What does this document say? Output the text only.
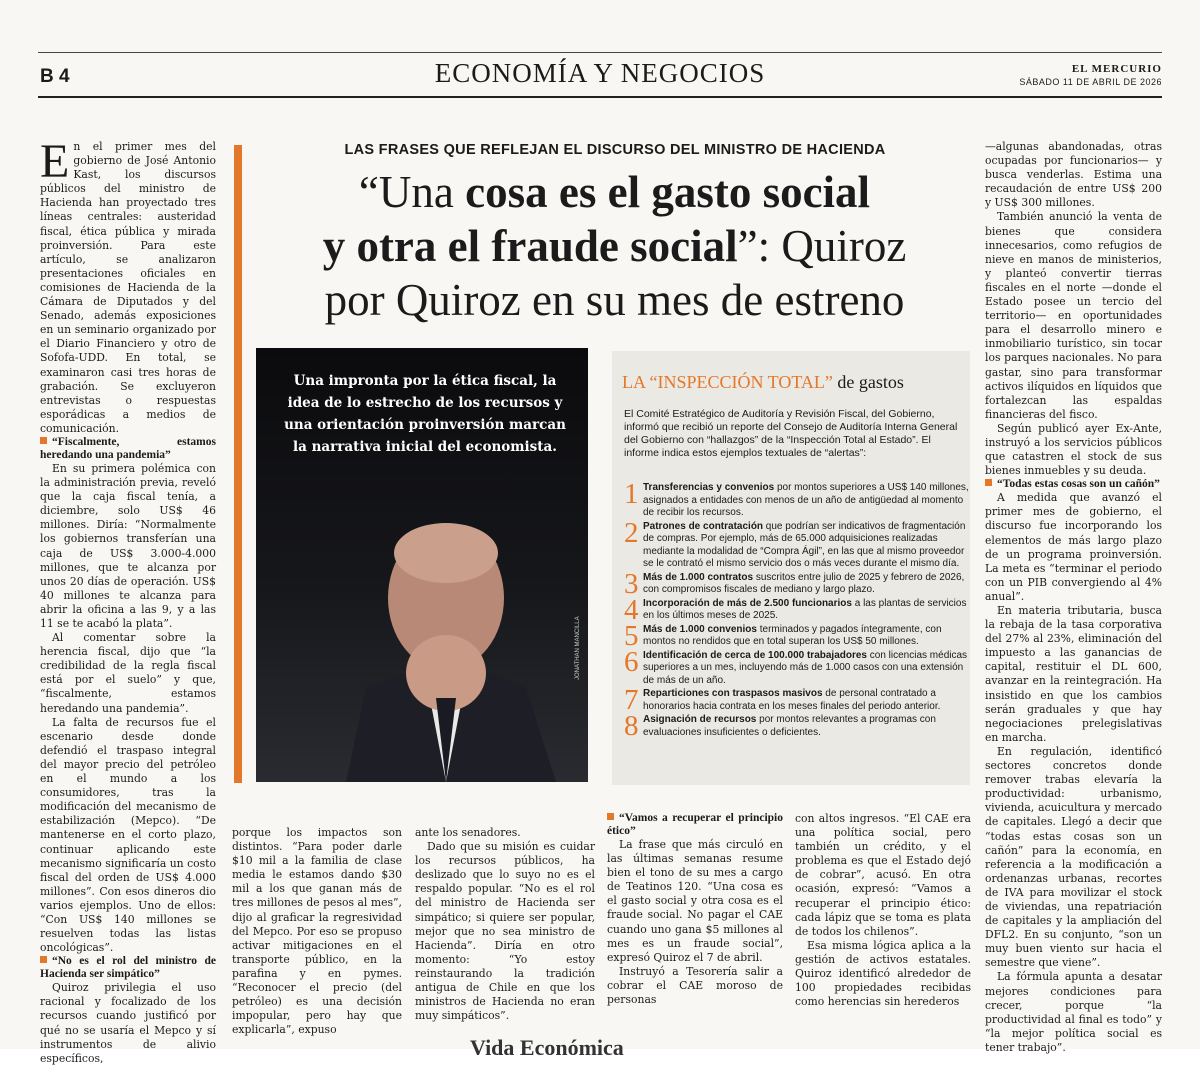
B 4	ECONOMÍA Y NEGOCIOS	EL MERCURIO
SÁBADO 11 DE ABRIL DE 2026

En el primer mes del gobierno de José Antonio Kast, los discursos públicos del ministro de Hacienda han proyectado tres líneas centrales: austeridad fiscal, ética pública y mirada proinversión. Para este artículo, se analizaron presentaciones oficiales en comisiones de Hacienda de la Cámara de Diputados y del Senado, además exposiciones en un seminario organizado por el Diario Financiero y otro de Sofofa-UDD. En total, se examinaron casi tres horas de grabación. Se excluyeron entrevistas o respuestas esporádicas a medios de comunicación.

“Fiscalmente, estamos heredando una pandemia”

En su primera polémica con la administración previa, reveló que la caja fiscal tenía, a diciembre, solo US$ 46 millones. Diría: “Normalmente los gobiernos transferían una caja de US$ 3.000-4.000 millones, que te alcanza por unos 20 días de operación. US$ 40 millones te alcanza para abrir la oficina a las 9, y a las 11 se te acabó la plata”.

Al comentar sobre la herencia fiscal, dijo que “la credibilidad de la regla fiscal está por el suelo” y que, “fiscalmente, estamos heredando una pandemia”.

La falta de recursos fue el escenario desde donde defendió el traspaso integral del mayor precio del petróleo en el mundo a los consumidores, tras la modificación del mecanismo de estabilización (Mepco). “De mantenerse en el corto plazo, continuar aplicando este mecanismo significaría un costo fiscal del orden de US$ 4.000 millones”. Con esos dineros dio varios ejemplos. Uno de ellos: “Con US$ 140 millones se resuelven todas las listas oncológicas”.

“No es el rol del ministro de Hacienda ser simpático”

Quiroz privilegia el uso racional y focalizado de los recursos cuando justificó por qué no se usaría el Mepco y sí instrumentos de alivio específicos,

LAS FRASES QUE REFLEJAN EL DISCURSO DEL MINISTRO DE HACIENDA
“Una cosa es el gasto social
y otra el fraude social”: Quiroz
por Quiroz en su mes de estreno
Una impronta por la ética fiscal, la idea de lo estrecho de los recursos y una orientación proinversión marcan la narrativa inicial del economista.
JONATHAN MANCILLA
LA “INSPECCIÓN TOTAL” de gastos
El Comité Estratégico de Auditoría y Revisión Fiscal, del Gobierno, informó que recibió un reporte del Consejo de Auditoría Interna General del Gobierno con “hallazgos” de la “Inspección Total al Estado”. El informe indica estos ejemplos textuales de “alertas”:
1 Transferencias y convenios por montos superiores a US$ 140 millones, asignados a entidades con menos de un año de antigüedad al momento de recibir los recursos.
2 Patrones de contratación que podrían ser indicativos de fragmentación de compras. Por ejemplo, más de 65.000 adquisiciones realizadas mediante la modalidad de “Compra Ágil”, en las que al mismo proveedor se le contrató el mismo servicio dos o más veces durante el mismo día.
3 Más de 1.000 contratos suscritos entre julio de 2025 y febrero de 2026, con compromisos fiscales de mediano y largo plazo.
4 Incorporación de más de 2.500 funcionarios a las plantas de servicios en los últimos meses de 2025.
5 Más de 1.000 convenios terminados y pagados íntegramente, con montos no rendidos que en total superan los US$ 50 millones.
6 Identificación de cerca de 100.000 trabajadores con licencias médicas superiores a un mes, incluyendo más de 1.000 casos con una extensión de más de un año.
7 Reparticiones con traspasos masivos de personal contratado a honorarios hacia contrata en los meses finales del periodo anterior.
8 Asignación de recursos por montos relevantes a programas con evaluaciones insuficientes o deficientes.

porque los impactos son distintos. “Para poder darle $10 mil a la familia de clase media le estamos dando $30 mil a los que ganan más de tres millones de pesos al mes”, dijo al graficar la regresividad del Mepco. Por eso se propuso activar mitigaciones en el transporte público, en la parafina y en pymes. “Reconocer el precio (del petróleo) es una decisión impopular, pero hay que explicarla”, expuso

ante los senadores.

Dado que su misión es cuidar los recursos públicos, ha deslizado que lo suyo no es el respaldo popular. “No es el rol del ministro de Hacienda ser simpático; si quiere ser popular, mejor que no sea ministro de Hacienda”. Diría en otro momento: “Yo estoy reinstaurando la tradición antigua de Chile en que los ministros de Hacienda no eran muy simpáticos”.

“Vamos a recuperar el principio ético”

La frase que más circuló en las últimas semanas resume bien el tono de su mes a cargo de Teatinos 120. “Una cosa es el gasto social y otra cosa es el fraude social. No pagar el CAE cuando uno gana $5 millones al mes es un fraude social”, expresó Quiroz el 7 de abril.

Instruyó a Tesorería salir a cobrar el CAE moroso de personas

con altos ingresos. “El CAE era una política social, pero también un crédito, y el problema es que el Estado dejó de cobrar”, acusó. En otra ocasión, expresó: “Vamos a recuperar el principio ético: cada lápiz que se toma es plata de todos los chilenos”.

Esa misma lógica aplica a la gestión de activos estatales. Quiroz identificó alrededor de 100 propiedades recibidas como herencias sin herederos

—algunas abandonadas, otras ocupadas por funcionarios— y busca venderlas. Estima una recaudación de entre US$ 200 y US$ 300 millones.

También anunció la venta de bienes que considera innecesarios, como refugios de nieve en manos de ministerios, y planteó convertir tierras fiscales en el norte —donde el Estado posee un tercio del territorio— en oportunidades para el desarrollo minero e inmobiliario turístico, sin tocar los parques nacionales. No para gastar, sino para transformar activos ilíquidos en líquidos que fortalezcan las espaldas financieras del fisco.

Según publicó ayer Ex-Ante, instruyó a los servicios públicos que catastren el stock de sus bienes inmuebles y su deuda.

“Todas estas cosas son un cañón”

A medida que avanzó el primer mes de gobierno, el discurso fue incorporando los elementos de más largo plazo de un programa proinversión. La meta es “terminar el periodo con un PIB convergiendo al 4% anual”.

En materia tributaria, busca la rebaja de la tasa corporativa del 27% al 23%, eliminación del impuesto a las ganancias de capital, restituir el DL 600, avanzar en la reintegración. Ha insistido en que los cambios serán graduales y que hay negociaciones prelegislativas en marcha.

En regulación, identificó sectores concretos donde remover trabas elevaría la productividad: urbanismo, vivienda, acuicultura y mercado de capitales. Llegó a decir que “todas estas cosas son un cañón” para la economía, en referencia a la modificación a ordenanzas urbanas, recortes de IVA para movilizar el stock de viviendas, una repatriación de capitales y la ampliación del DFL2. En su conjunto, “son un muy buen viento sur hacia el semestre que viene”.

La fórmula apunta a desatar mejores condiciones para crecer, porque “la productividad al final es todo” y “la mejor política social es tener trabajo”.

Vida Económica
